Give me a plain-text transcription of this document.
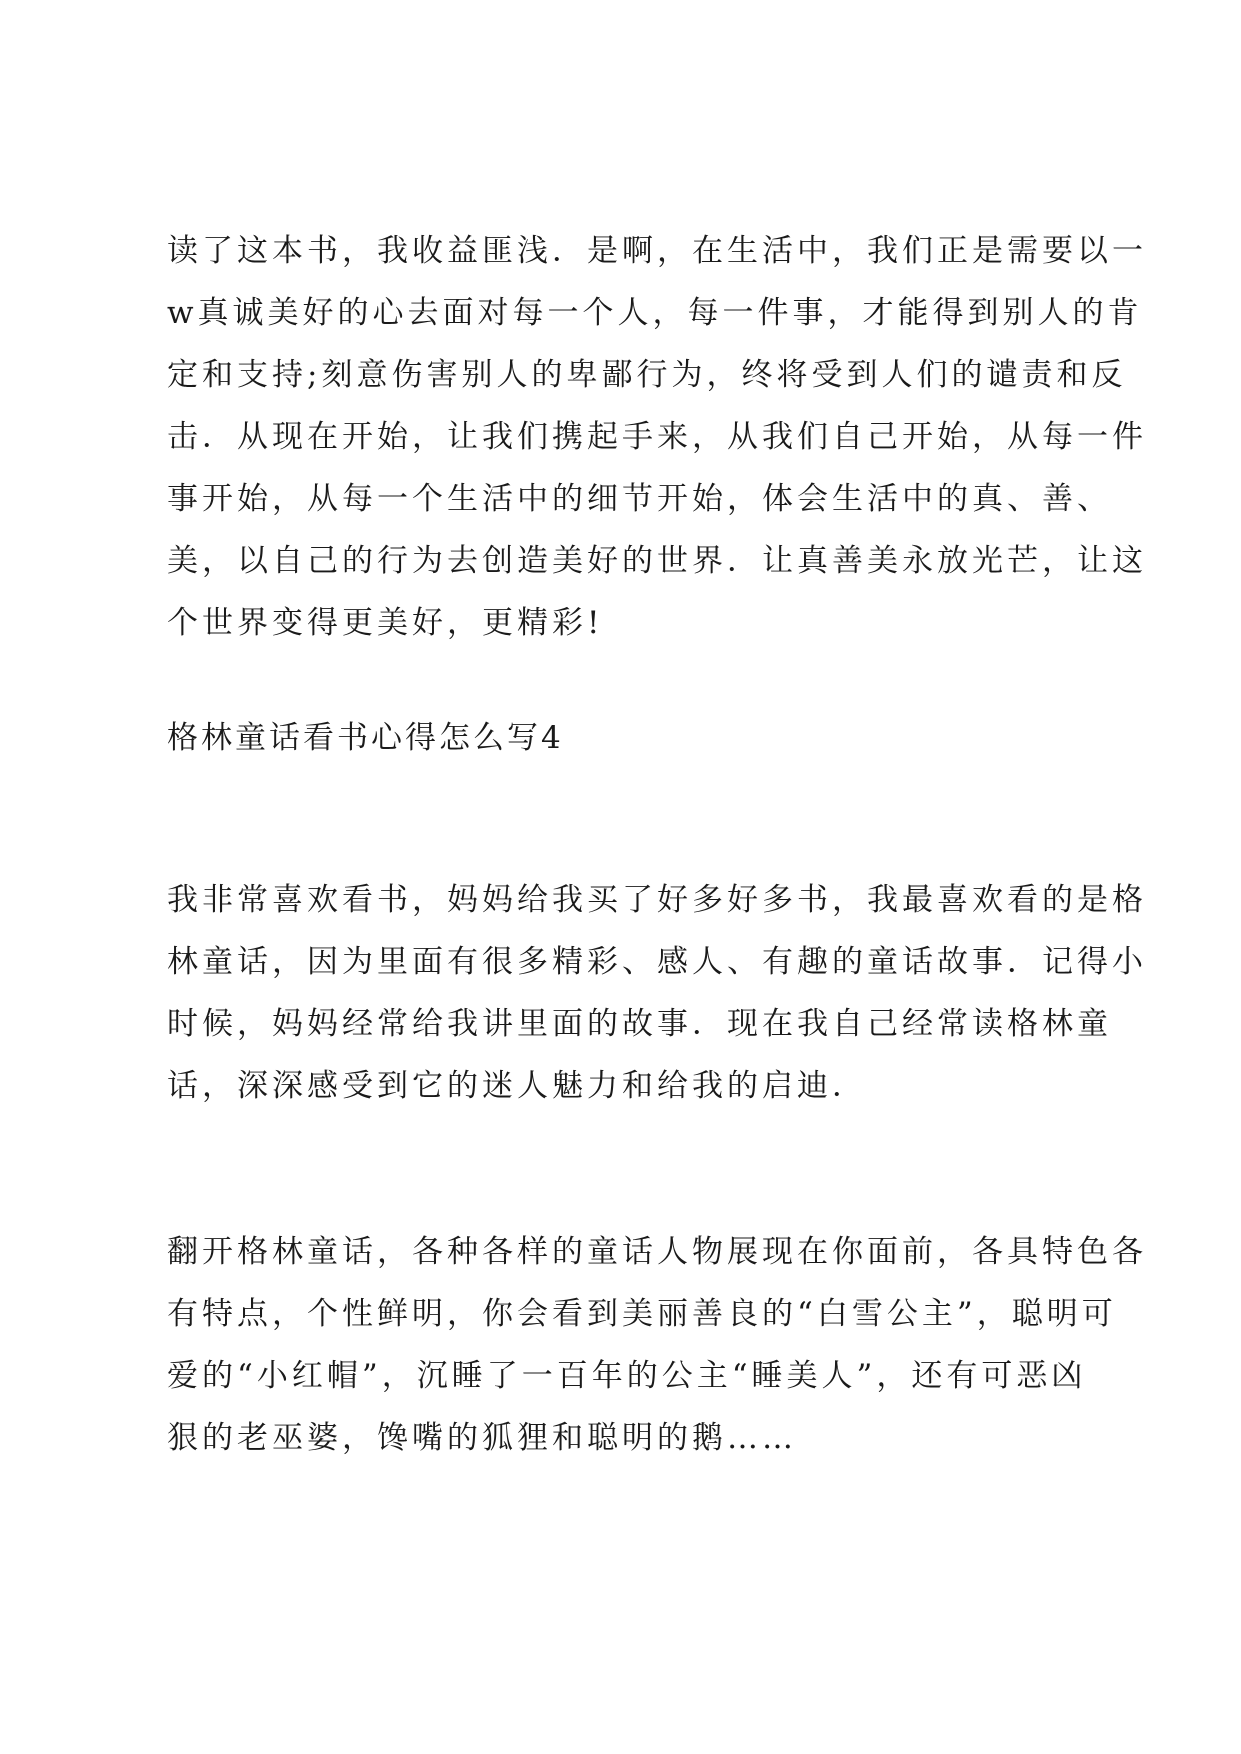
读了这本书，我收益匪浅．是啊，在生活中，我们正是需要以一
w真诚美好的心去面对每一个人，每一件事，才能得到别人的肯
定和支持;刻意伤害别人的卑鄙行为，终将受到人们的谴责和反
击．从现在开始，让我们携起手来，从我们自己开始，从每一件
事开始，从每一个生活中的细节开始，体会生活中的真、善、
美，以自己的行为去创造美好的世界．让真善美永放光芒，让这
个世界变得更美好，更精彩!

格林童话看书心得怎么写4

我非常喜欢看书，妈妈给我买了好多好多书，我最喜欢看的是格
林童话，因为里面有很多精彩、感人、有趣的童话故事．记得小
时候，妈妈经常给我讲里面的故事．现在我自己经常读格林童
话，深深感受到它的迷人魅力和给我的启迪．

翻开格林童话，各种各样的童话人物展现在你面前，各具特色各
有特点，个性鲜明，你会看到美丽善良的“白雪公主”，聪明可
爱的“小红帽”，沉睡了一百年的公主“睡美人”，还有可恶凶
狠的老巫婆，馋嘴的狐狸和聪明的鹅……
